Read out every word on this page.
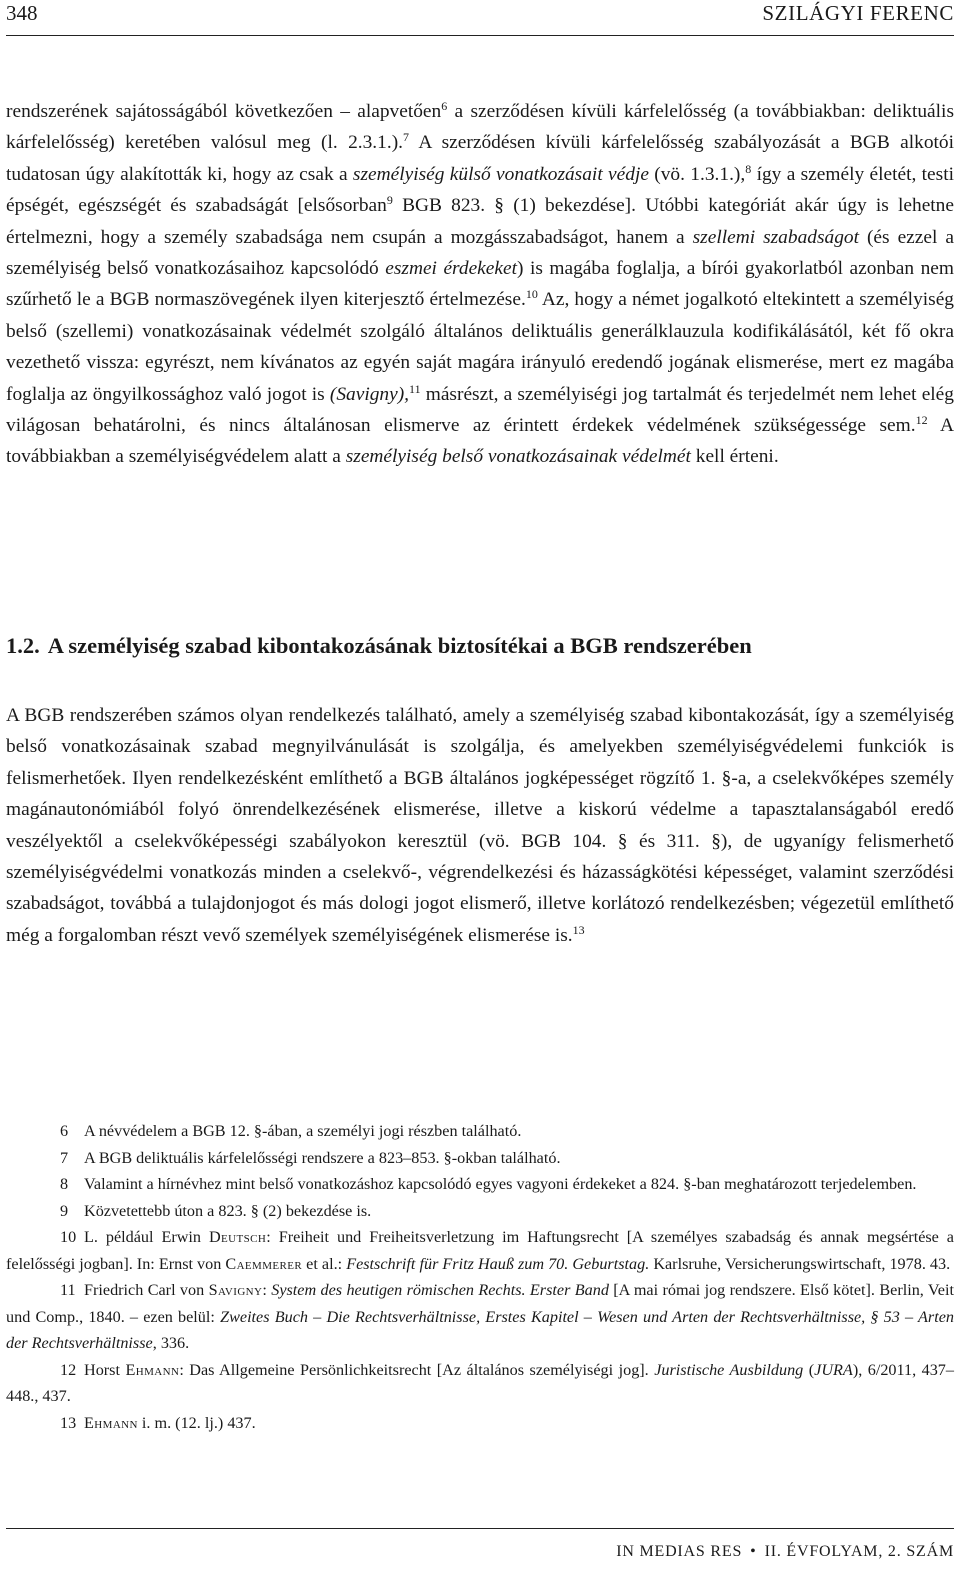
348	SZILÁGYI FERENC

rendszerének sajátosságából következően – alapvetően$^6$ a szerződésen kívüli kárfelelősség (a továbbiakban: deliktuális kárfelelősség) keretében valósul meg (l. 2.3.1.).$^7$ A szerződésen kívüli kárfelelősség szabályozását a BGB alkotói tudatosan úgy alakították ki, hogy az csak a személyiség külső vonatkozásait védje (vö. 1.3.1.),$^8$ így a személy életét, testi épségét, egészségét és szabadságát [elsősorban$^9$ BGB 823. § (1) bekezdése]. Utóbbi kategóriát akár úgy is lehetne értelmezni, hogy a személy szabadsága nem csupán a mozgásszabadságot, hanem a szellemi szabadságot (és ezzel a személyiség belső vonatkozásaihoz kapcsolódó eszmei érdekeket) is magába foglalja, a bírói gyakorlatból azonban nem szűrhető le a BGB normaszövegének ilyen kiterjesztő értelmezése.$^{10}$ Az, hogy a német jogalkotó eltekintett a személyiség belső (szellemi) vonatkozásainak védelmét szolgáló általános deliktuális generálklauzula kodifikálásától, két fő okra vezethető vissza: egyrészt, nem kívánatos az egyén saját magára irányuló eredendő jogának elismerése, mert ez magába foglalja az öngyilkossághoz való jogot is (Savigny),$^{11}$ másrészt, a személyiségi jog tartalmát és terjedelmét nem lehet elég világosan behatárolni, és nincs általánosan elismerve az érintett érdekek védelmének szükségessége sem.$^{12}$ A továbbiakban a személyiségvédelem alatt a személyiség belső vonatkozásainak védelmét kell érteni.

1.2. A személyiség szabad kibontakozásának biztosítékai a BGB rendszerében

A BGB rendszerében számos olyan rendelkezés található, amely a személyiség szabad kibontakozását, így a személyiség belső vonatkozásainak szabad megnyilvánulását is szolgálja, és amelyekben személyiségvédelemi funkciók is felismerhetőek. Ilyen rendelkezésként említhető a BGB általános jogképességet rögzítő 1. §-a, a cselekvőképes személy magánautonómiából folyó önrendelkezésének elismerése, illetve a kiskorú védelme a tapasztalanságaból eredő veszélyektől a cselekvőképességi szabályokon keresztül (vö. BGB 104. § és 311. §), de ugyanígy felismerhető személyiségvédelmi vonatkozás minden a cselekvő-, végrendelkezési és házasságkötési képességet, valamint szerződési szabadságot, továbbá a tulajdonjogot és más dologi jogot elismerő, illetve korlátozó rendelkezésben; végezetül említhető még a forgalomban részt vevő személyek személyiségének elismerése is.$^{13}$

6 A névvédelem a BGB 12. §-ában, a személyi jogi részben található.

7 A BGB deliktuális kárfelelősségi rendszere a 823–853. §-okban található.

8 Valamint a hírnévhez mint belső vonatkozáshoz kapcsolódó egyes vagyoni érdekeket a 824. §-ban meghatározott terjedelemben.

9 Közvetettebb úton a 823. § (2) bekezdése is.

10 L. például Erwin Deutsch: Freiheit und Freiheitsverletzung im Haftungsrecht [A személyes szabadság és annak megsértése a felelősségi jogban]. In: Ernst von Caemmerer et al.: Festschrift für Fritz Hauß zum 70. Geburtstag. Karlsruhe, Versicherungswirtschaft, 1978. 43.

11 Friedrich Carl von Savigny: System des heutigen römischen Rechts. Erster Band [A mai római jog rendszere. Első kötet]. Berlin, Veit und Comp., 1840. – ezen belül: Zweites Buch – Die Rechtsverhältnisse, Erstes Kapitel – Wesen und Arten der Rechtsverhältnisse, § 53 – Arten der Rechtsverhältnisse, 336.

12 Horst Ehmann: Das Allgemeine Persönlichkeitsrecht [Az általános személyiségi jog]. Juristische Ausbildung (JURA), 6/2011, 437–448., 437.

13 Ehmann i. m. (12. lj.) 437.

IN MEDIAS RES • II. ÉVFOLYAM, 2. SZÁM
